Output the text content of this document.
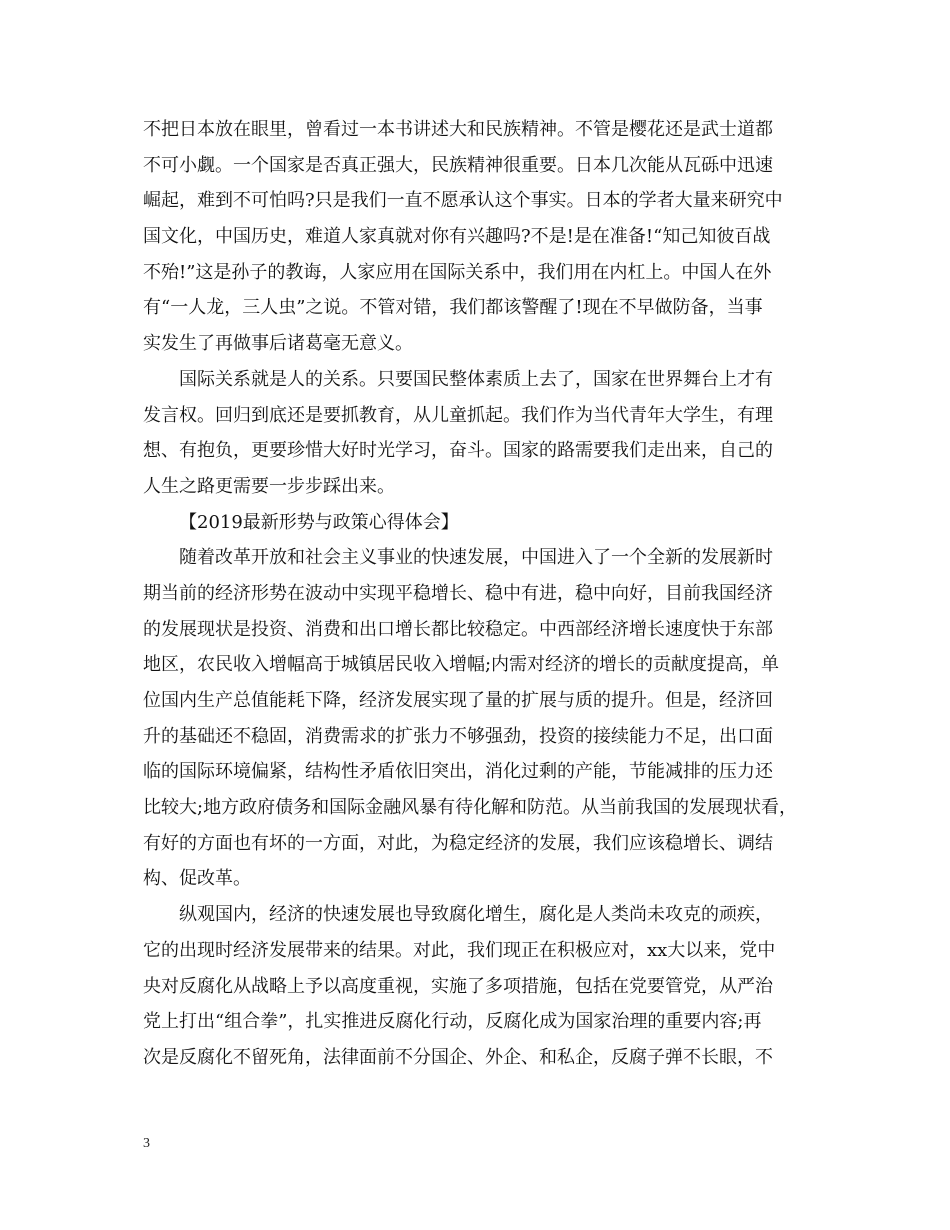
不把日本放在眼里，曾看过一本书讲述大和民族精神。不管是樱花还是武士道都
不可小觑。一个国家是否真正强大，民族精神很重要。日本几次能从瓦砾中迅速
崛起，难到不可怕吗?只是我们一直不愿承认这个事实。日本的学者大量来研究中
国文化，中国历史，难道人家真就对你有兴趣吗?不是!是在准备!“知己知彼百战
不殆!”这是孙子的教诲，人家应用在国际关系中，我们用在内杠上。中国人在外
有“一人龙，三人虫”之说。不管对错，我们都该警醒了!现在不早做防备，当事
实发生了再做事后诸葛毫无意义。
国际关系就是人的关系。只要国民整体素质上去了，国家在世界舞台上才有
发言权。回归到底还是要抓教育，从儿童抓起。我们作为当代青年大学生，有理
想、有抱负，更要珍惜大好时光学习，奋斗。国家的路需要我们走出来，自己的
人生之路更需要一步步踩出来。
【2019最新形势与政策心得体会】
随着改革开放和社会主义事业的快速发展，中国进入了一个全新的发展新时
期当前的经济形势在波动中实现平稳增长、稳中有进，稳中向好，目前我国经济
的发展现状是投资、消费和出口增长都比较稳定。中西部经济增长速度快于东部
地区，农民收入增幅高于城镇居民收入增幅;内需对经济的增长的贡献度提高，单
位国内生产总值能耗下降，经济发展实现了量的扩展与质的提升。但是，经济回
升的基础还不稳固，消费需求的扩张力不够强劲，投资的接续能力不足，出口面
临的国际环境偏紧，结构性矛盾依旧突出，消化过剩的产能，节能减排的压力还
比较大;地方政府债务和国际金融风暴有待化解和防范。从当前我国的发展现状看，
有好的方面也有坏的一方面，对此，为稳定经济的发展，我们应该稳增长、调结
构、促改革。
纵观国内，经济的快速发展也导致腐化增生，腐化是人类尚未攻克的顽疾，
它的出现时经济发展带来的结果。对此，我们现正在积极应对，xx大以来，党中
央对反腐化从战略上予以高度重视，实施了多项措施，包括在党要管党，从严治
党上打出“组合拳”，扎实推进反腐化行动，反腐化成为国家治理的重要内容;再
次是反腐化不留死角，法律面前不分国企、外企、和私企，反腐子弹不长眼，不
3
